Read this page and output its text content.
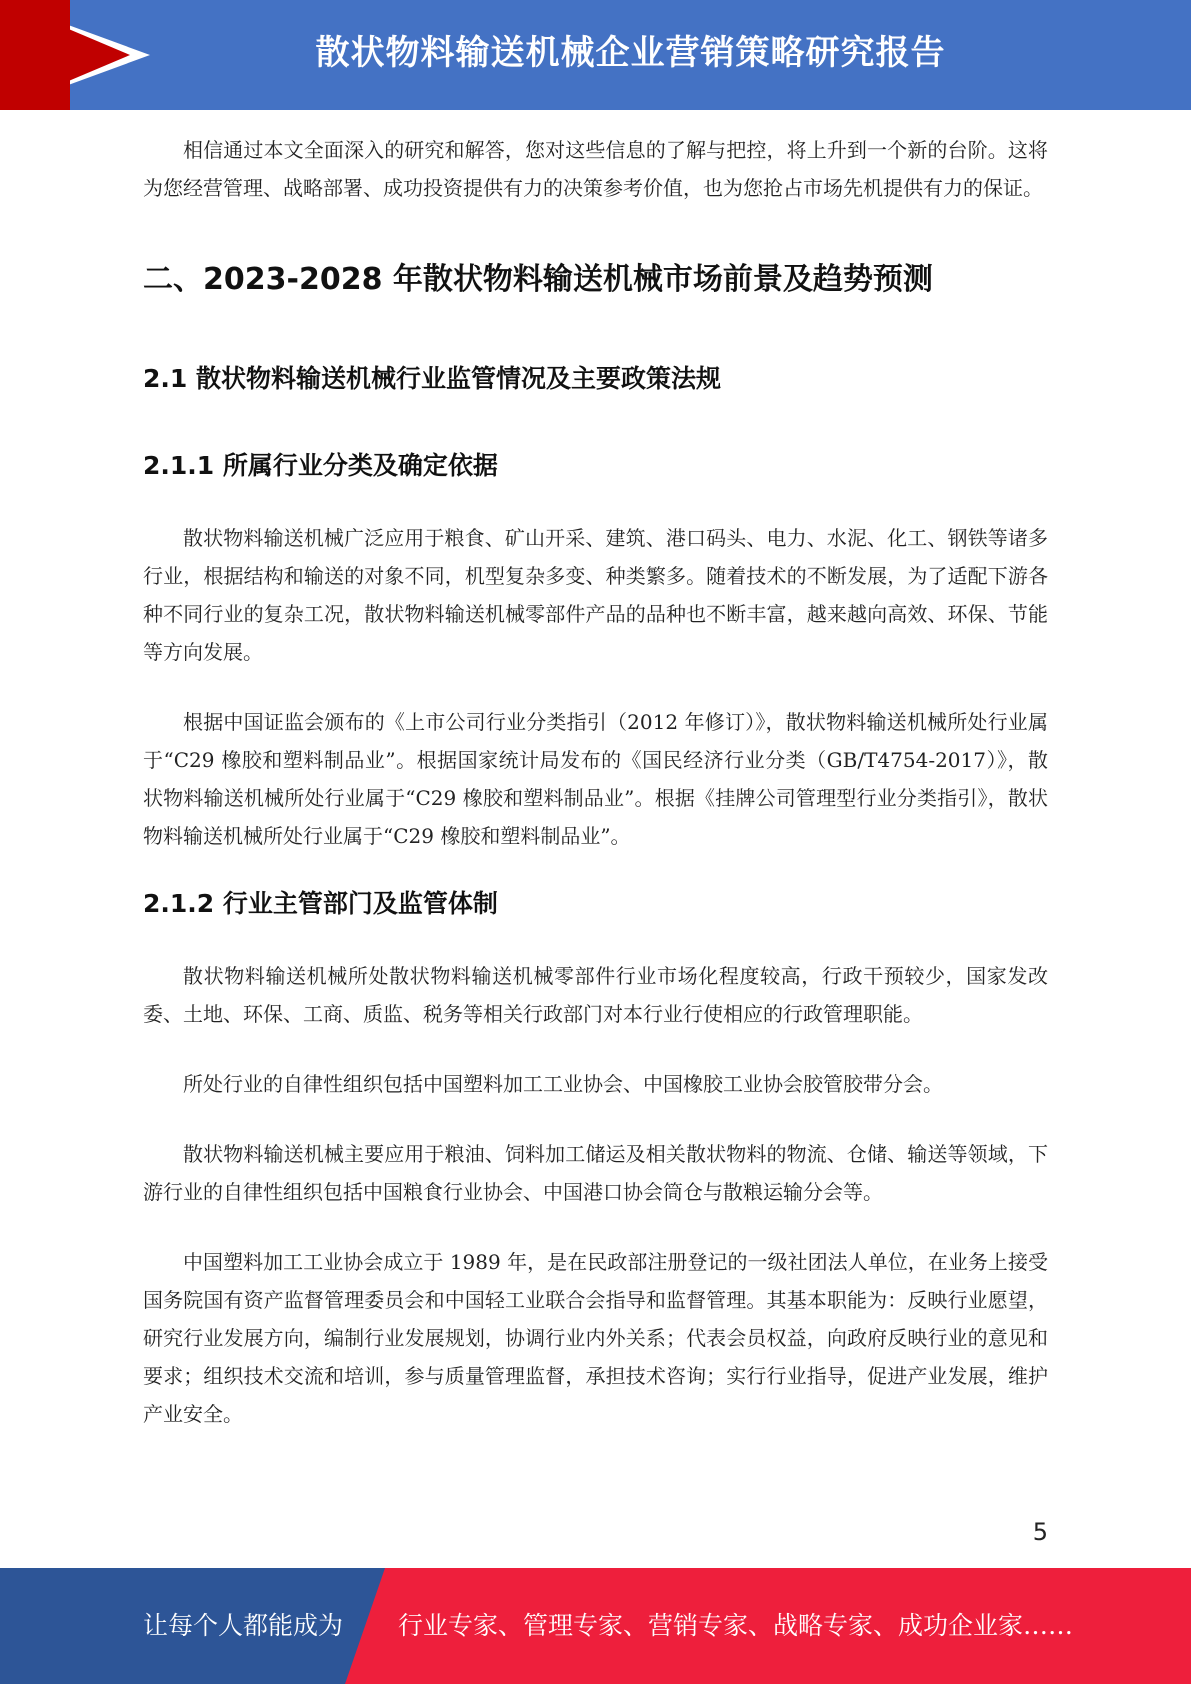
散状物料输送机械企业营销策略研究报告

相信通过本文全面深入的研究和解答，您对这些信息的了解与把控，将上升到一个新的台阶。这将为您经营管理、战略部署、成功投资提供有力的决策参考价值，也为您抢占市场先机提供有力的保证。

二、2023-2028 年散状物料输送机械市场前景及趋势预测
2.1 散状物料输送机械行业监管情况及主要政策法规
2.1.1 所属行业分类及确定依据

散状物料输送机械广泛应用于粮食、矿山开采、建筑、港口码头、电力、水泥、化工、钢铁等诸多行业，根据结构和输送的对象不同，机型复杂多变、种类繁多。随着技术的不断发展，为了适配下游各种不同行业的复杂工况，散状物料输送机械零部件产品的品种也不断丰富，越来越向高效、环保、节能等方向发展。

根据中国证监会颁布的《上市公司行业分类指引（2012 年修订）》，散状物料输送机械所处行业属于“C29 橡胶和塑料制品业”。根据国家统计局发布的《国民经济行业分类（GB/T4754-2017）》，散状物料输送机械所处行业属于“C29 橡胶和塑料制品业”。根据《挂牌公司管理型行业分类指引》，散状物料输送机械所处行业属于“C29 橡胶和塑料制品业”。

2.1.2 行业主管部门及监管体制

散状物料输送机械所处散状物料输送机械零部件行业市场化程度较高，行政干预较少，国家发改委、土地、环保、工商、质监、税务等相关行政部门对本行业行使相应的行政管理职能。

所处行业的自律性组织包括中国塑料加工工业协会、中国橡胶工业协会胶管胶带分会。

散状物料输送机械主要应用于粮油、饲料加工储运及相关散状物料的物流、仓储、输送等领域，下游行业的自律性组织包括中国粮食行业协会、中国港口协会筒仓与散粮运输分会等。

中国塑料加工工业协会成立于 1989 年，是在民政部注册登记的一级社团法人单位，在业务上接受国务院国有资产监督管理委员会和中国轻工业联合会指导和监督管理。其基本职能为：反映行业愿望，研究行业发展方向，编制行业发展规划，协调行业内外关系；代表会员权益，向政府反映行业的意见和要求；组织技术交流和培训，参与质量管理监督，承担技术咨询；实行行业指导，促进产业发展，维护产业安全。

5
让每个人都能成为 行业专家、管理专家、营销专家、战略专家、成功企业家……
